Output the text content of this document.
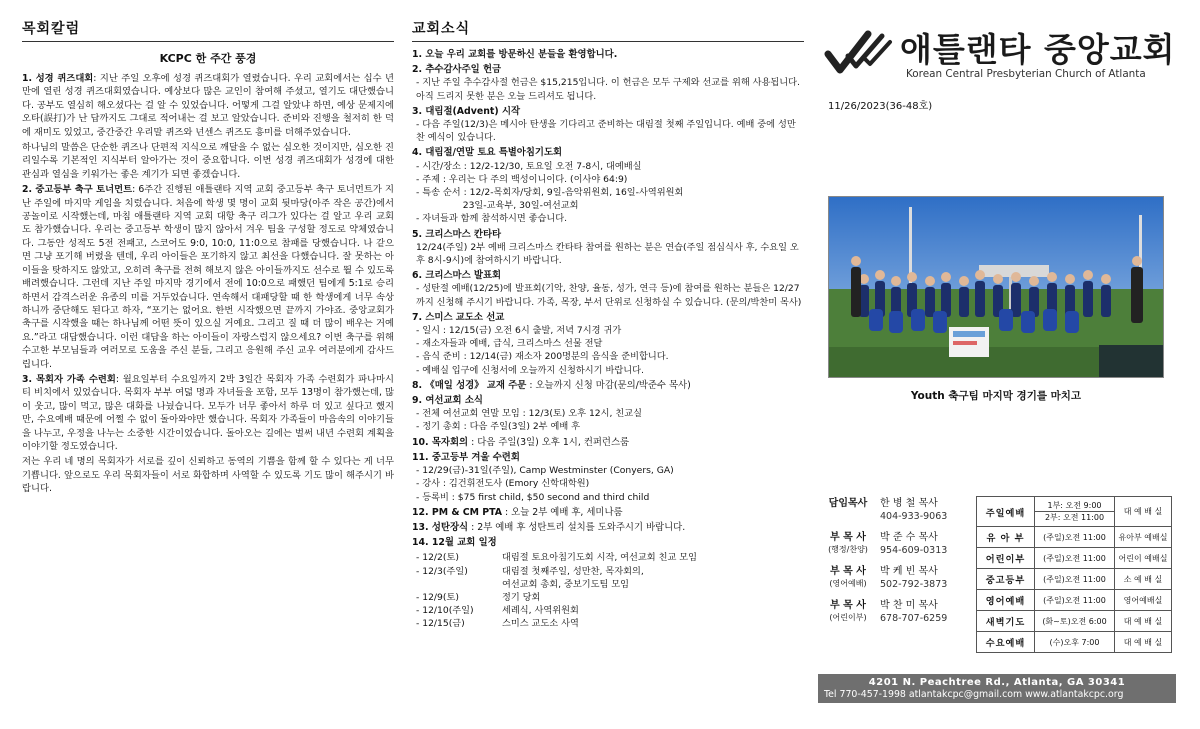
목회칼럼
KCPC 한 주간 풍경
1. 성경 퀴즈대회: 지난 주일 오후에 성경 퀴즈대회가 열렸습니다. 우리 교회에서는 십수 년 만에 열린 성경 퀴즈대회였습니다. 예상보다 많은 교인이 참여해 주셨고, 열기도 대단했습니다. 공부도 열심히 해오셨다는 걸 알 수 있었습니다. 어떻게 그걸 알았냐 하면, 예상 문제지에 오타(誤打)가 난 답까지도 그대로 적어내는 걸 보고 알았습니다. 준비와 진행을 철저히 한 덕에 재미도 있었고, 중간중간 우리말 퀴즈와 넌센스 퀴즈도 흥미를 더해주었습니다.
하나님의 말씀은 단순한 퀴즈나 단편적 지식으로 깨달을 수 없는 심오한 것이지만, 심오한 진리일수록 기본적인 지식부터 알아가는 것이 중요합니다. 이번 성경 퀴즈대회가 성경에 대한 관심과 열심을 키워가는 좋은 계기가 되면 좋겠습니다.
2. 중고등부 축구 토너먼트: 6주간 진행된 애틀랜타 지역 교회 중고등부 축구 토너먼트가 지난 주일에 마지막 게임을 치렀습니다. 처음에 학생 몇 명이 교회 뒷마당(아주 작은 공간)에서 공놀이로 시작했는데, 마침 애틀랜타 지역 교회 대항 축구 리그가 있다는 걸 알고 우리 교회도 참가했습니다. 우리는 중고등부 학생이 많지 않아서 겨우 팀을 구성할 정도로 약체였습니다. 그동안 성적도 5전 전패고, 스코어도 9:0, 10:0, 11:0으로 참패를 당했습니다. 나 같으면 그냥 포기해 버렸을 텐데, 우리 아이들은 포기하지 않고 최선을 다했습니다. 잘 못하는 아이들을 탓하지도 않았고, 오히려 축구를 전혀 해보지 않은 아이들까지도 선수로 뛸 수 있도록 배려했습니다. 그런데 지난 주일 마지막 경기에서 전에 10:0으로 패했던 팀에게 5:1로 승리하면서 감격스러운 유종의 미를 거두었습니다. 연속해서 대패당할 때 한 학생에게 너무 속상하니까 중단해도 된다고 하자, “포기는 없어요. 한번 시작했으면 끝까지 가야죠. 중앙교회가 축구를 시작했을 때는 하나님께 어떤 뜻이 있으실 거예요. 그리고 질 때 더 많이 배우는 거예요.”라고 대답했습니다. 이런 대답을 하는 아이들이 자랑스럽지 않으세요? 이번 축구를 위해 수고한 부모님들과 여러모로 도움을 주신 분들, 그리고 응원해 주신 교우 여러분에게 감사드립니다.
3. 목회자 가족 수련회: 월요일부터 수요일까지 2박 3일간 목회자 가족 수련회가 파나마시티 비치에서 있었습니다. 목회자 부부 여덟 명과 자녀들을 포함, 모두 13명이 참가했는데, 많이 웃고, 많이 먹고, 많은 대화를 나눴습니다. 모두가 너무 좋아서 하루 더 있고 싶다고 했지만, 수요예배 때문에 어쩔 수 없이 돌아와야만 했습니다. 목회자 가족들이 마음속의 이야기들을 나누고, 우정을 나누는 소중한 시간이었습니다. 돌아오는 길에는 벌써 내년 수련회 계획을 이야기할 정도였습니다.
저는 우리 네 명의 목회자가 서로를 깊이 신뢰하고 동역의 기쁨을 함께 할 수 있다는 게 너무 기쁩니다. 앞으로도 우리 목회자들이 서로 화합하며 사역할 수 있도록 기도 많이 해주시기 바랍니다.
교회소식
1. 오늘 우리 교회를 방문하신 분들을 환영합니다.
2. 추수감사주일 헌금
- 지난 주일 추수감사절 헌금은 $15,215입니다. 이 헌금은 모두 구제와 선교를 위해 사용됩니다. 아직 드리지 못한 분은 오늘 드리셔도 됩니다.
3. 대림절(Advent) 시작
- 다음 주일(12/3)은 메시아 탄생을 기다리고 준비하는 대림절 첫째 주일입니다. 예배 중에 성만찬 예식이 있습니다.
4. 대림절/연말 토요 특별아침기도회
- 시간/장소 : 12/2-12/30, 토요일 오전 7-8시, 대예배실
- 주제 : 우리는 다 주의 백성이니이다. (이사야 64:9)
- 특송 순서 : 12/2-목회자/당회, 9일-음악위원회, 16일-사역위원회
23일-교육부, 30일-여선교회
- 자녀들과 함께 참석하시면 좋습니다.
5. 크리스마스 칸타타
12/24(주일) 2부 예배 크리스마스 칸타타 참여를 원하는 분은 연습(주일 점심식사 후, 수요일 오후 8시-9시)에 참여하시기 바랍니다.
6. 크리스마스 발표회
- 성탄절 예배(12/25)에 발표회(기악, 찬양, 율동, 성가, 연극 등)에 참여를 원하는 분들은 12/27까지 신청해 주시기 바랍니다. 가족, 목장, 부서 단위로 신청하실 수 있습니다. (문의/박찬미 목사)
7. 스미스 교도소 선교
- 일시 : 12/15(금) 오전 6시 출발, 저녁 7시경 귀가
- 재소자들과 예배, 급식, 크리스마스 선물 전달
- 음식 준비 : 12/14(금) 재소자 200명분의 음식을 준비합니다.
- 예배실 입구에 신청서에 오늘까지 신청하시기 바랍니다.
8. 《매일 성경》 교재 주문 : 오늘까지 신청 마감(문의/박준수 목사)
9. 여선교회 소식
- 전체 여선교회 연말 모임 : 12/3(토) 오후 12시, 친교실
- 정기 총회 : 다음 주일(3일) 2부 예배 후
10. 목자회의 : 다음 주일(3일) 오후 1시, 컨퍼런스룸
11. 중고등부 겨울 수련회
- 12/29(금)-31일(주일), Camp Westminster (Conyers, GA)
- 강사 : 김건휘전도사 (Emory 신학대학원)
- 등록비 : $75 first child, $50 second and third child
12. PM & CM PTA : 오늘 2부 예배 후, 세미나룸
13. 성탄장식 : 2부 예배 후 성탄트리 설치를 도와주시기 바랍니다.
14. 12월 교회 일정
- 12/2(토)	대림절 토요아침기도회 시작, 여선교회 친교 모임
- 12/3(주일)	대림절 첫째주일, 성만찬, 목자회의,
여선교회 총회, 중보기도팀 모임
- 12/9(토)	정기 당회
- 12/10(주일)	세례식, 사역위원회
- 12/15(금)	스미스 교도소 사역
애틀랜타 중앙교회
Korean Central Presbyterian Church of Atlanta
11/26/2023(36-48호)
Youth 축구팀 마지막 경기를 마치고
담임목사	한 병 철 목사
404-933-9063
부 목 사
(행정/찬양)
박 준 수 목사
954-609-0313
부 목 사
(영어예배)
박 케 빈 목사
502-792-3873
부 목 사
(어린이부)
박 찬 미 목사
678-707-6259
주일예배	1부: 오전 9:00
2부: 오전 11:00	대 예 배 실
유 아 부	(주일)오전 11:00	유아부 예배실
어린이부	(주일)오전 11:00	어린이 예배실
중고등부	(주일)오전 11:00	소 예 배 실
영어예배	(주일)오전 11:00	영어예배실
새벽기도	(화~토)오전 6:00	대 예 배 실
수요예배	(수)오후 7:00	대 예 배 실
4201 N. Peachtree Rd., Atlanta, GA 30341
Tel 770-457-1998 atlantakcpc@gmail.com www.atlantakcpc.org
